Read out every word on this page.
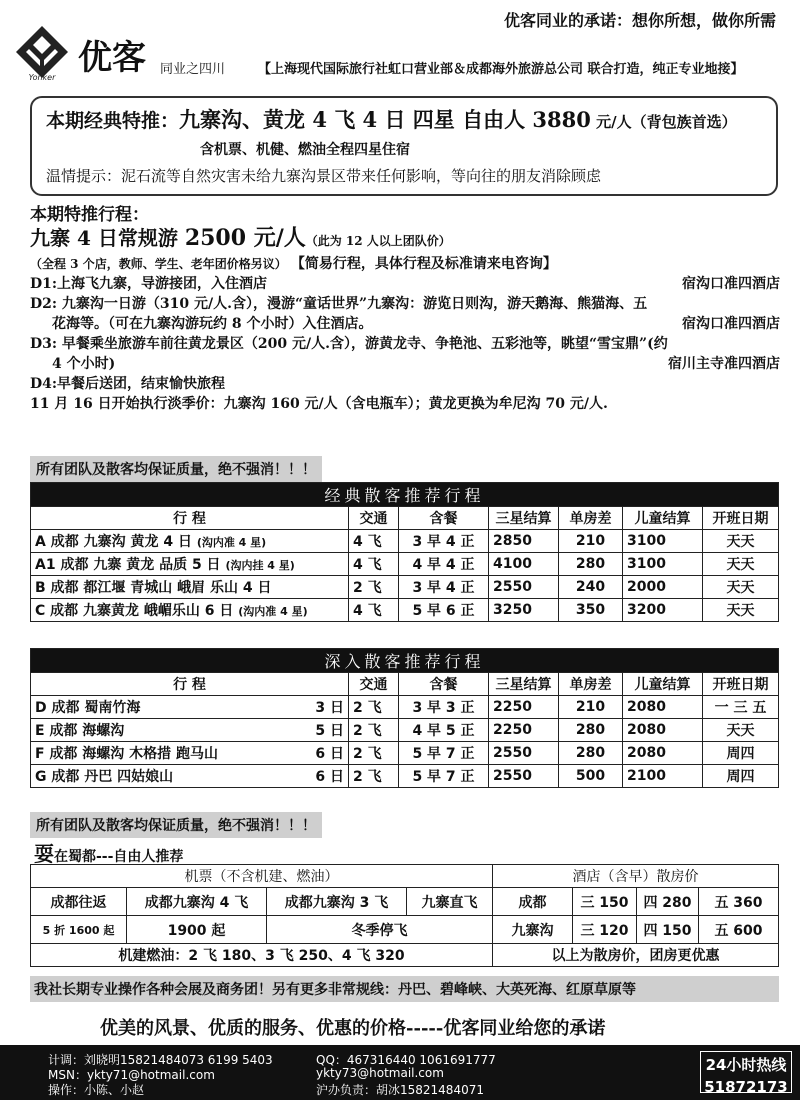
优客同业的承诺：想你所想，做你所需
Yonker 优客 同业之四川	【上海现代国际旅行社虹口营业部＆成都海外旅游总公司 联合打造，纯正专业地接】
本期经典特推：九寨沟、黄龙 4 飞 4 日 四星 自由人 3880 元/人（背包族首选）
含机票、机健、燃油全程四星住宿
温情提示：泥石流等自然灾害未给九寨沟景区带来任何影响，等向往的朋友消除顾虑
本期特推行程：
九寨 4 日常规游 2500 元/人（此为 12 人以上团队价）
（全程 3 个店，教师、学生、老年团价格另议） 【简易行程，具体行程及标准请来电咨询】
D1:上海飞九寨，导游接团，入住酒店	宿沟口准四酒店
D2: 九寨沟一日游（310 元/人.含），漫游“童话世界”九寨沟：游览日则沟，游天鹅海、熊猫海、五
花海等。（可在九寨沟游玩约 8 个小时）入住酒店。	宿沟口准四酒店
D3: 早餐乘坐旅游车前往黄龙景区（200 元/人.含），游黄龙寺、争艳池、五彩池等，眺望“雪宝鼎”(约
4 个小时)	宿川主寺准四酒店
D4:早餐后送团，结束愉快旅程
11 月 16 日开始执行淡季价：九寨沟 160 元/人（含电瓶车）；黄龙更换为牟尼沟 70 元/人.
所有团队及散客均保证质量，绝不强消！！！
经典散客推荐行程						
行 程	交通	含餐	三星结算	单房差	儿童结算	开班日期
A 成都 九寨沟 黄龙 4 日 (沟内准 4 星)	4 飞	3 早 4 正	2850	210	3100	天天
A1 成都 九寨 黄龙 品质 5 日 (沟内挂 4 星)	4 飞	4 早 4 正	4100	280	3100	天天
B 成都 都江堰 青城山 峨眉 乐山 4 日	2 飞	3 早 4 正	2550	240	2000	天天
C 成都 九寨黄龙 峨嵋乐山 6 日 (沟内准 4 星)	4 飞	5 早 6 正	3250	350	3200	天天
深入散客推荐行程						
行 程	交通	含餐	三星结算	单房差	儿童结算	开班日期
D 成都 蜀南竹海 3 日	2 飞	3 早 3 正	2250	210	2080	一 三 五
E 成都 海螺沟 5 日	2 飞	4 早 5 正	2250	280	2080	天天
F 成都 海螺沟 木格措 跑马山 6 日	2 飞	5 早 7 正	2550	280	2080	周四
G 成都 丹巴 四姑娘山 6 日	2 飞	5 早 7 正	2550	500	2100	周四
所有团队及散客均保证质量，绝不强消！！！
耍在蜀都---自由人推荐
机票（不含机建、燃油）				酒店（含早）散房价			
成都往返	成都九寨沟 4 飞	成都九寨沟 3 飞	九寨直飞	成都	三 150	四 280	五 360
5 折 1600 起	1900 起	冬季停飞		九寨沟	三 120	四 150	五 600
机建燃油：2 飞 180、3 飞 250、4 飞 320				以上为散房价，团房更优惠			
我社长期专业操作各种会展及商务团！另有更多非常规线：丹巴、碧峰峡、大英死海、红原草原等
优美的风景、优质的服务、优惠的价格-----优客同业给您的承诺
计调：刘晓明15821484073 6199 5403
MSN：ykty71@hotmail.com
操作：小陈、小赵
QQ：467316440 1061691777
ykty73@hotmail.com
沪办负责：胡冰15821484071
24小时热线
51872173
